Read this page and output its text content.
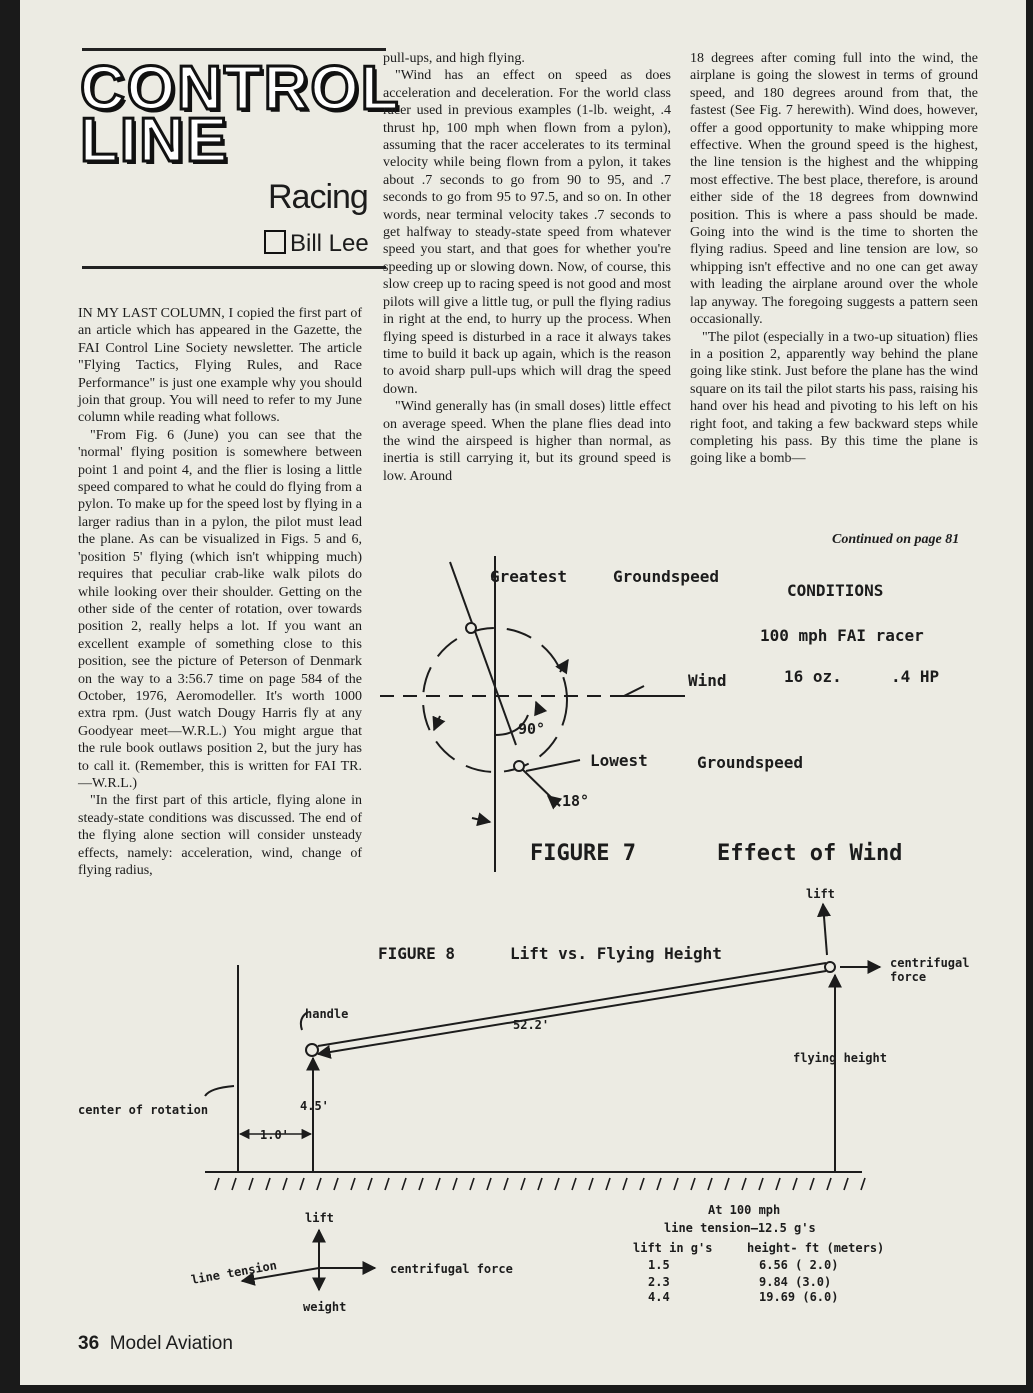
CONTROL
LINE
Racing
Bill Lee

IN MY LAST COLUMN, I copied the first part of an article which has appeared in the Gazette, the FAI Control Line Society newsletter. The article "Flying Tactics, Flying Rules, and Race Performance" is just one example why you should join that group. You will need to refer to my June column while reading what follows.

"From Fig. 6 (June) you can see that the 'normal' flying position is somewhere between point 1 and point 4, and the flier is losing a little speed compared to what he could do flying from a pylon. To make up for the speed lost by flying in a larger radius than in a pylon, the pilot must lead the plane. As can be visualized in Figs. 5 and 6, 'position 5' flying (which isn't whipping much) requires that peculiar crab-like walk pilots do while looking over their shoulder. Getting on the other side of the center of rotation, over towards position 2, really helps a lot. If you want an excellent example of something close to this position, see the picture of Peterson of Denmark on the way to a 3:56.7 time on page 584 of the October, 1976, Aeromodeller. It's worth 1000 extra rpm. (Just watch Dougy Harris fly at any Goodyear meet—W.R.L.) You might argue that the rule book outlaws position 2, but the jury has to call it. (Remember, this is written for FAI TR.—W.R.L.)

"In the first part of this article, flying alone in steady-state conditions was discussed. The end of the flying alone section will consider unsteady effects, namely: acceleration, wind, change of flying radius,

pull-ups, and high flying.

"Wind has an effect on speed as does acceleration and deceleration. For the world class racer used in previous examples (1-lb. weight, .4 thrust hp, 100 mph when flown from a pylon), assuming that the racer accelerates to its terminal velocity while being flown from a pylon, it takes about .7 seconds to go from 90 to 95, and .7 seconds to go from 95 to 97.5, and so on. In other words, near terminal velocity takes .7 seconds to get halfway to steady-state speed from whatever speed you start, and that goes for whether you're speeding up or slowing down. Now, of course, this slow creep up to racing speed is not good and most pilots will give a little tug, or pull the flying radius in right at the end, to hurry up the process. When flying speed is disturbed in a race it always takes time to build it back up again, which is the reason to avoid sharp pull-ups which will drag the speed down.

"Wind generally has (in small doses) little effect on average speed. When the plane flies dead into the wind the airspeed is higher than normal, as inertia is still carrying it, but its ground speed is low. Around

18 degrees after coming full into the wind, the airplane is going the slowest in terms of ground speed, and 180 degrees around from that, the fastest (See Fig. 7 herewith). Wind does, however, offer a good opportunity to make whipping more effective. When the ground speed is the highest, the line tension is the highest and the whipping most effective. The best place, therefore, is around either side of the 18 degrees from downwind position. This is where a pass should be made. Going into the wind is the time to shorten the flying radius. Speed and line tension are low, so whipping isn't effective and no one can get away with leading the airplane around over the whole lap anyway. The foregoing suggests a pattern seen occasionally.

"The pilot (especially in a two-up situation) flies in a position 2, apparently way behind the plane going like stink. Just before the plane has the wind square on its tail the pilot starts his pass, raising his hand over his head and pivoting to his left on his right foot, and taking a few backward steps while completing his pass. By this time the plane is going like a bomb—

Continued on page 81
Greatest	Groundspeed
CONDITIONS
100 mph FAI racer
Wind	16 oz.	.4 HP
90°
Lowest	Groundspeed
18°
FIGURE 7	Effect of Wind
FIGURE 8	Lift vs. Flying Height
lift
centrifugal
force
handle
52.2'
flying height
center of rotation	4.5'
1.0'
At 100 mph
line tension—12.5 g's
lift in g's	height- ft (meters)
1.5	6.56 ( 2.0)
2.3	9.84 (3.0)
4.4	19.69 (6.0)
lift
centrifugal force
line tension
weight
36 Model Aviation
